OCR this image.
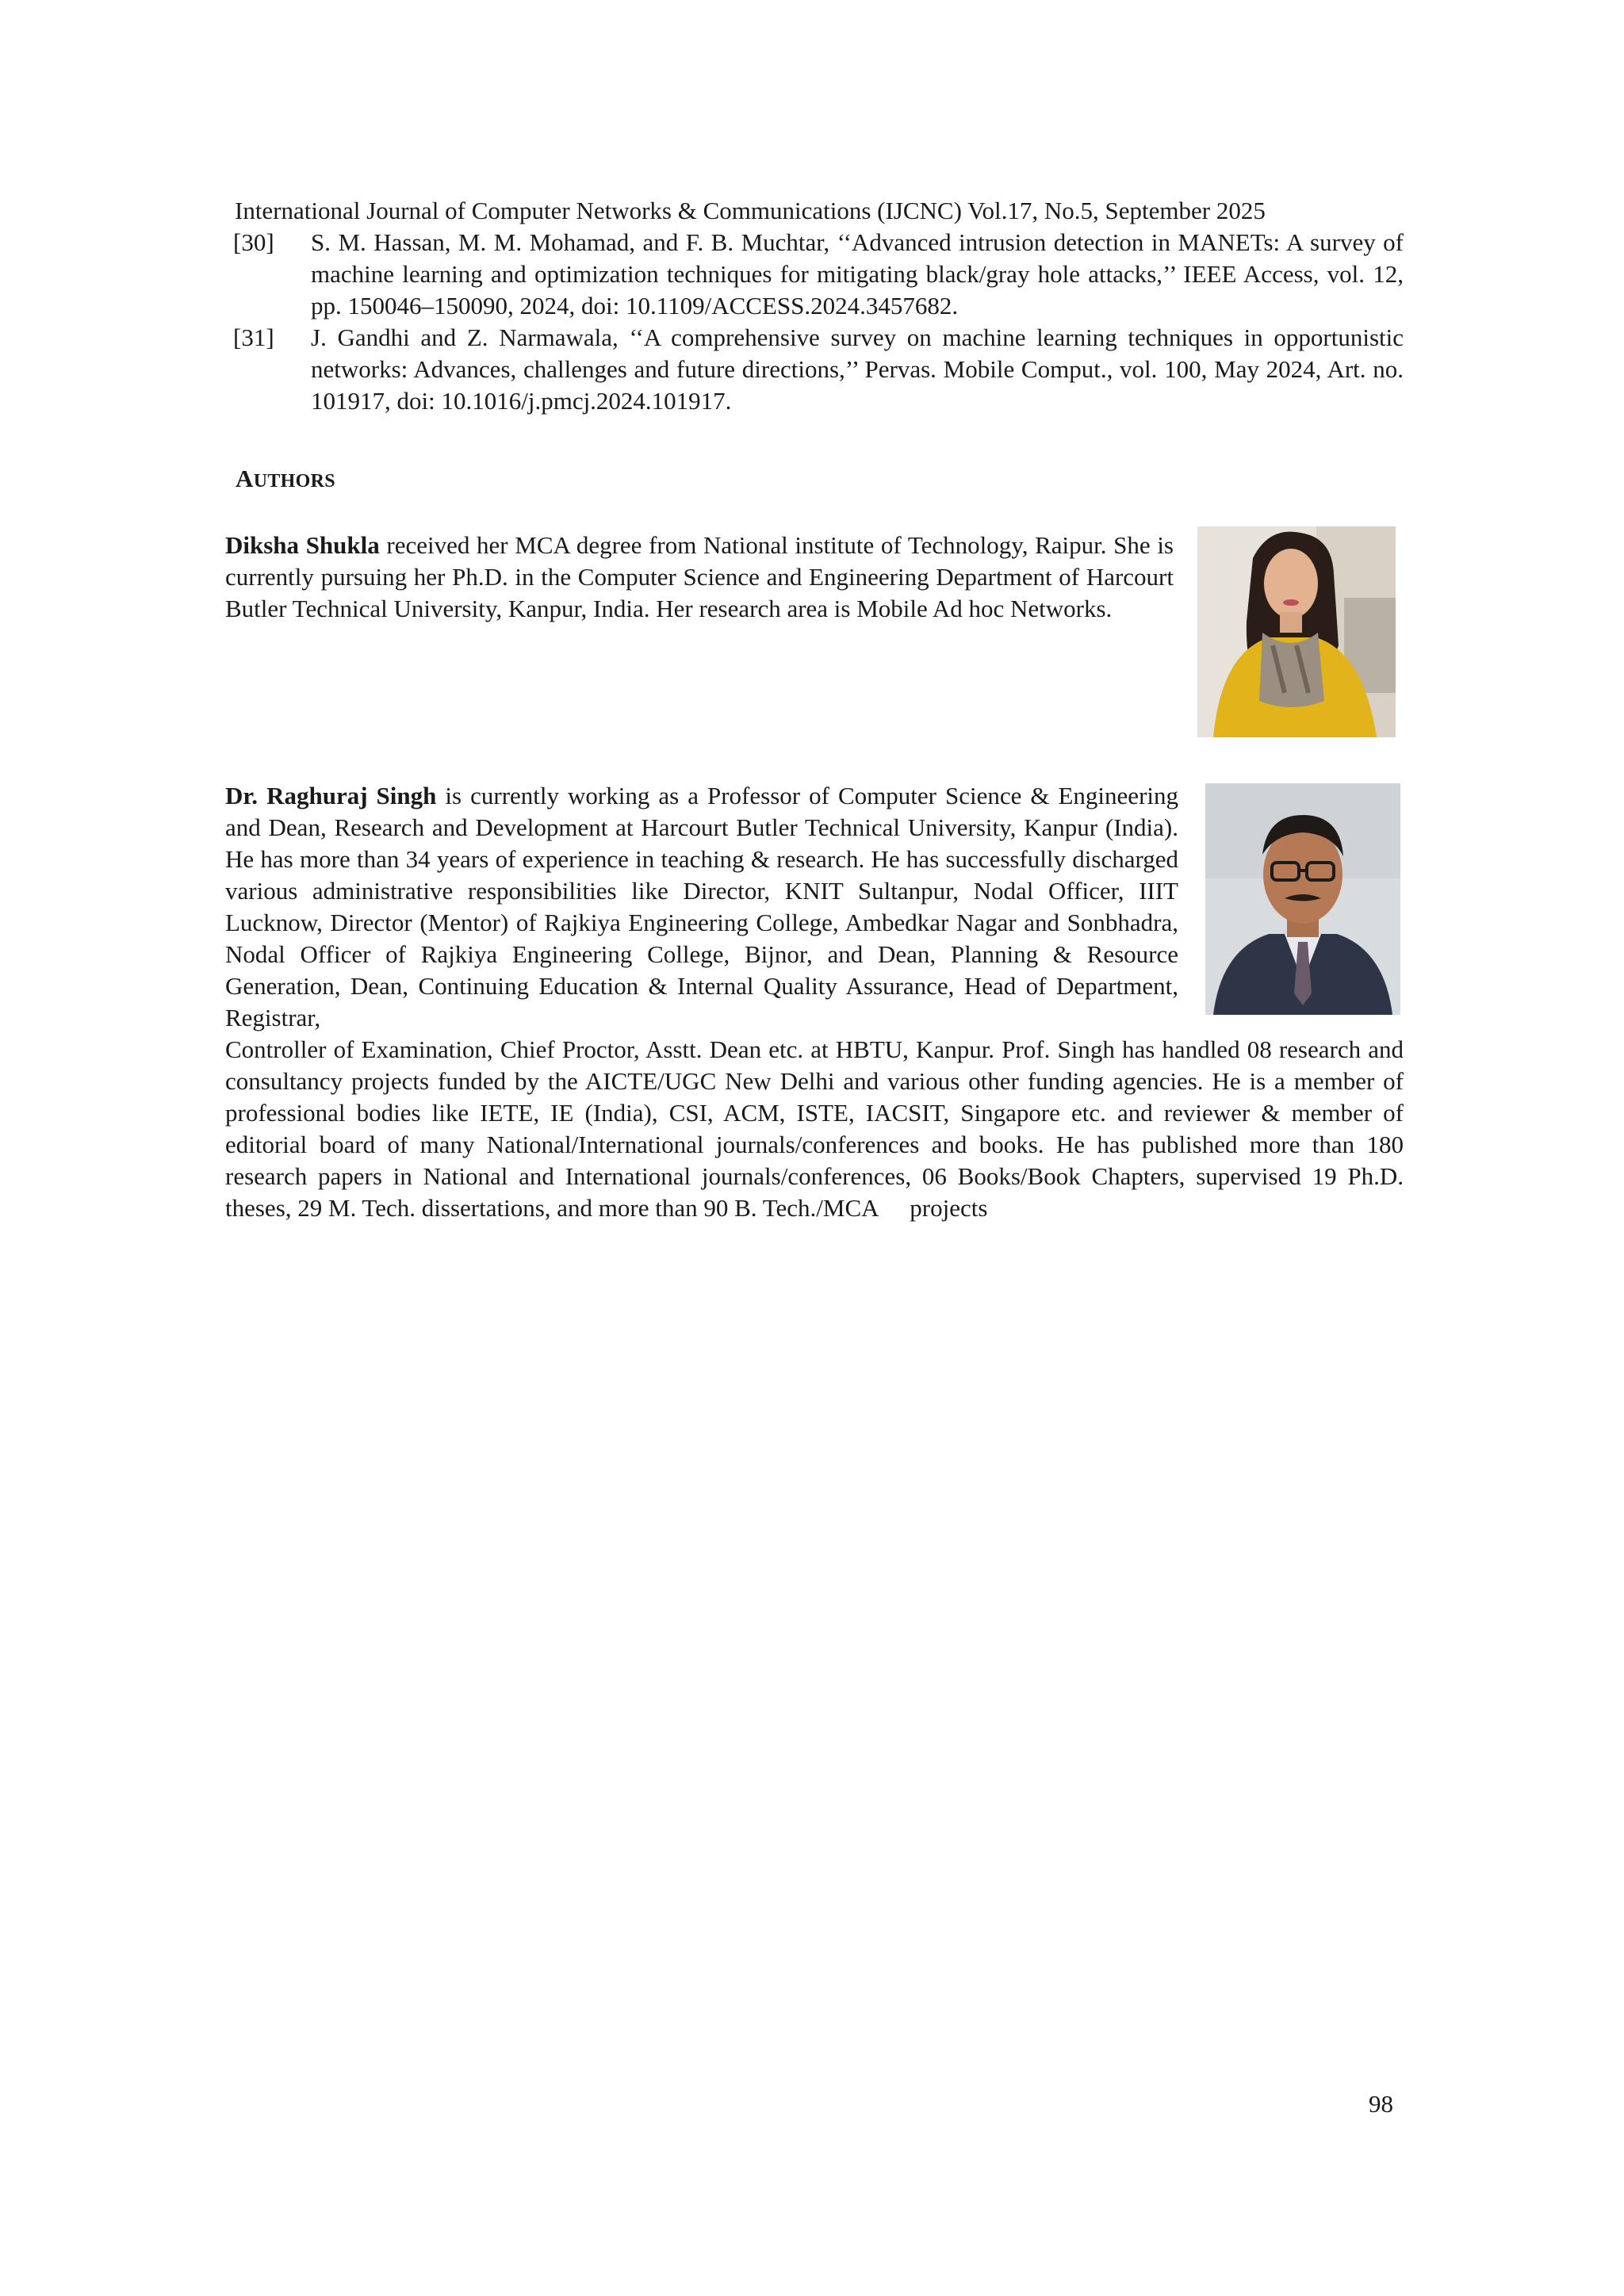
International Journal of Computer Networks & Communications (IJCNC) Vol.17, No.5, September 2025
[30] S. M. Hassan, M. M. Mohamad, and F. B. Muchtar, ‘‘Advanced intrusion detection in MANETs: A survey of machine learning and optimization techniques for mitigating black/gray hole attacks,’’ IEEE Access, vol. 12, pp. 150046–150090, 2024, doi: 10.1109/ACCESS.2024.3457682.
[31] J. Gandhi and Z. Narmawala, ‘‘A comprehensive survey on machine learning techniques in opportunistic networks: Advances, challenges and future directions,’’ Pervas. Mobile Comput., vol. 100, May 2024, Art. no. 101917, doi: 10.1016/j.pmcj.2024.101917.
AUTHORS
Diksha Shukla received her MCA degree from National institute of Technology, Raipur. She is currently pursuing her Ph.D. in the Computer Science and Engineering Department of Harcourt Butler Technical University, Kanpur, India. Her research area is Mobile Ad hoc Networks.
Dr. Raghuraj Singh is currently working as a Professor of Computer Science & Engineering and Dean, Research and Development at Harcourt Butler Technical University, Kanpur (India). He has more than 34 years of experience in teaching & research. He has successfully discharged various administrative responsibilities like Director, KNIT Sultanpur, Nodal Officer, IIIT Lucknow, Director (Mentor) of Rajkiya Engineering College, Ambedkar Nagar and Sonbhadra, Nodal Officer of Rajkiya Engineering College, Bijnor, and Dean, Planning & Resource Generation, Dean, Continuing Education & Internal Quality Assurance, Head of Department, Registrar,
Controller of Examination, Chief Proctor, Asstt. Dean etc. at HBTU, Kanpur. Prof. Singh has handled 08 research and consultancy projects funded by the AICTE/UGC New Delhi and various other funding agencies. He is a member of professional bodies like IETE, IE (India), CSI, ACM, ISTE, IACSIT, Singapore etc. and reviewer & member of editorial board of many National/International journals/conferences and books. He has published more than 180 research papers in National and International journals/conferences, 06 Books/Book Chapters, supervised 19 Ph.D. theses, 29 M. Tech. dissertations, and more than 90 B. Tech./MCA  projects
98
